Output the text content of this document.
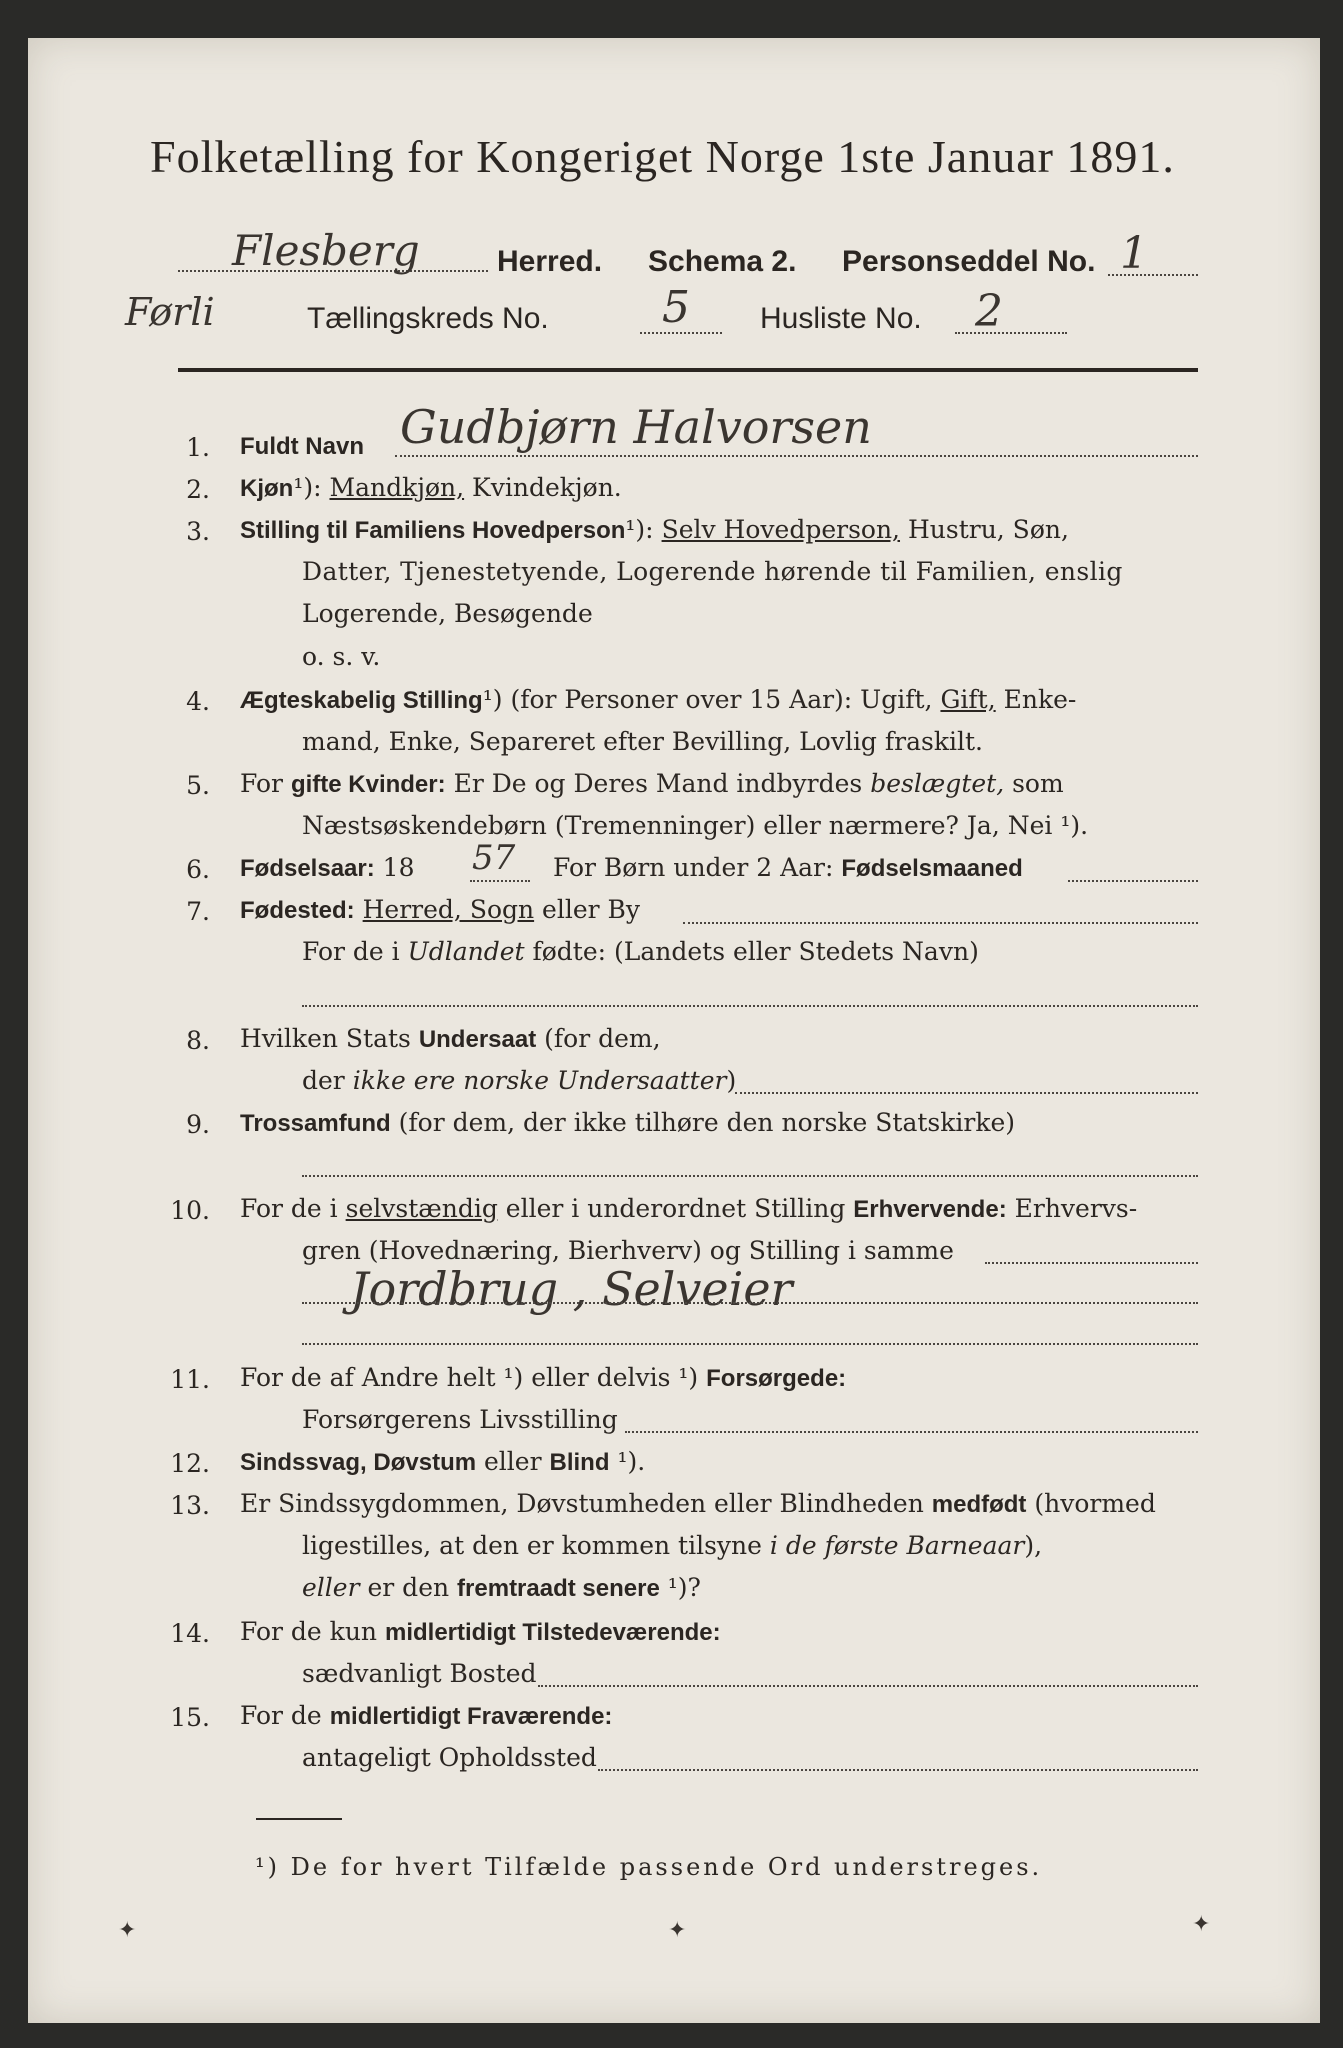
Folketælling for Kongeriget Norge 1ste Januar 1891.
Flesberg	Herred. Schema 2. Personseddel No. 1
Førli	Tællingskreds No.	5 Husliste No. 2
1.
2.
3.
4.
5.
6.
7.
8.
9.
10.
11.
12.
13.
14.
15.
Fuldt Navn Gudbjørn Halvorsen
Kjøn¹): Mandkjøn, Kvindekjøn.
Stilling til Familiens Hovedperson¹): Selv Hovedperson, Hustru, Søn,
Datter, Tjenestetyende, Logerende hørende til Familien, enslig
Logerende, Besøgende
o. s. v.
Ægteskabelig Stilling¹) (for Personer over 15 Aar): Ugift, Gift, Enke-
mand, Enke, Separeret efter Bevilling, Lovlig fraskilt.
For gifte Kvinder: Er De og Deres Mand indbyrdes beslægtet, som
Næstsøskendebørn (Tremenninger) eller nærmere? Ja, Nei ¹).
Fødselsaar: 18 57 For Børn under 2 Aar: Fødselsmaaned
Fødested: Herred, Sogn eller By
For de i Udlandet fødte: (Landets eller Stedets Navn)
Hvilken Stats Undersaat (for dem,
der ikke ere norske Undersaatter)
Trossamfund (for dem, der ikke tilhøre den norske Statskirke)
For de i selvstændig eller i underordnet Stilling Erhvervende: Erhvervs-
gren (Hovednæring, Bierhverv) og Stilling i samme
Jordbrug , Selveier
For de af Andre helt ¹) eller delvis ¹) Forsørgede:
Forsørgerens Livsstilling
Sindssvag, Døvstum eller Blind ¹).
Er Sindssygdommen, Døvstumheden eller Blindheden medfødt (hvormed
ligestilles, at den er kommen tilsyne i de første Barneaar),
eller er den fremtraadt senere ¹)?
For de kun midlertidigt Tilstedeværende:
sædvanligt Bosted
For de midlertidigt Fraværende:
antageligt Opholdssted
¹) De for hvert Tilfælde passende Ord understreges.
✦	✦	✦
